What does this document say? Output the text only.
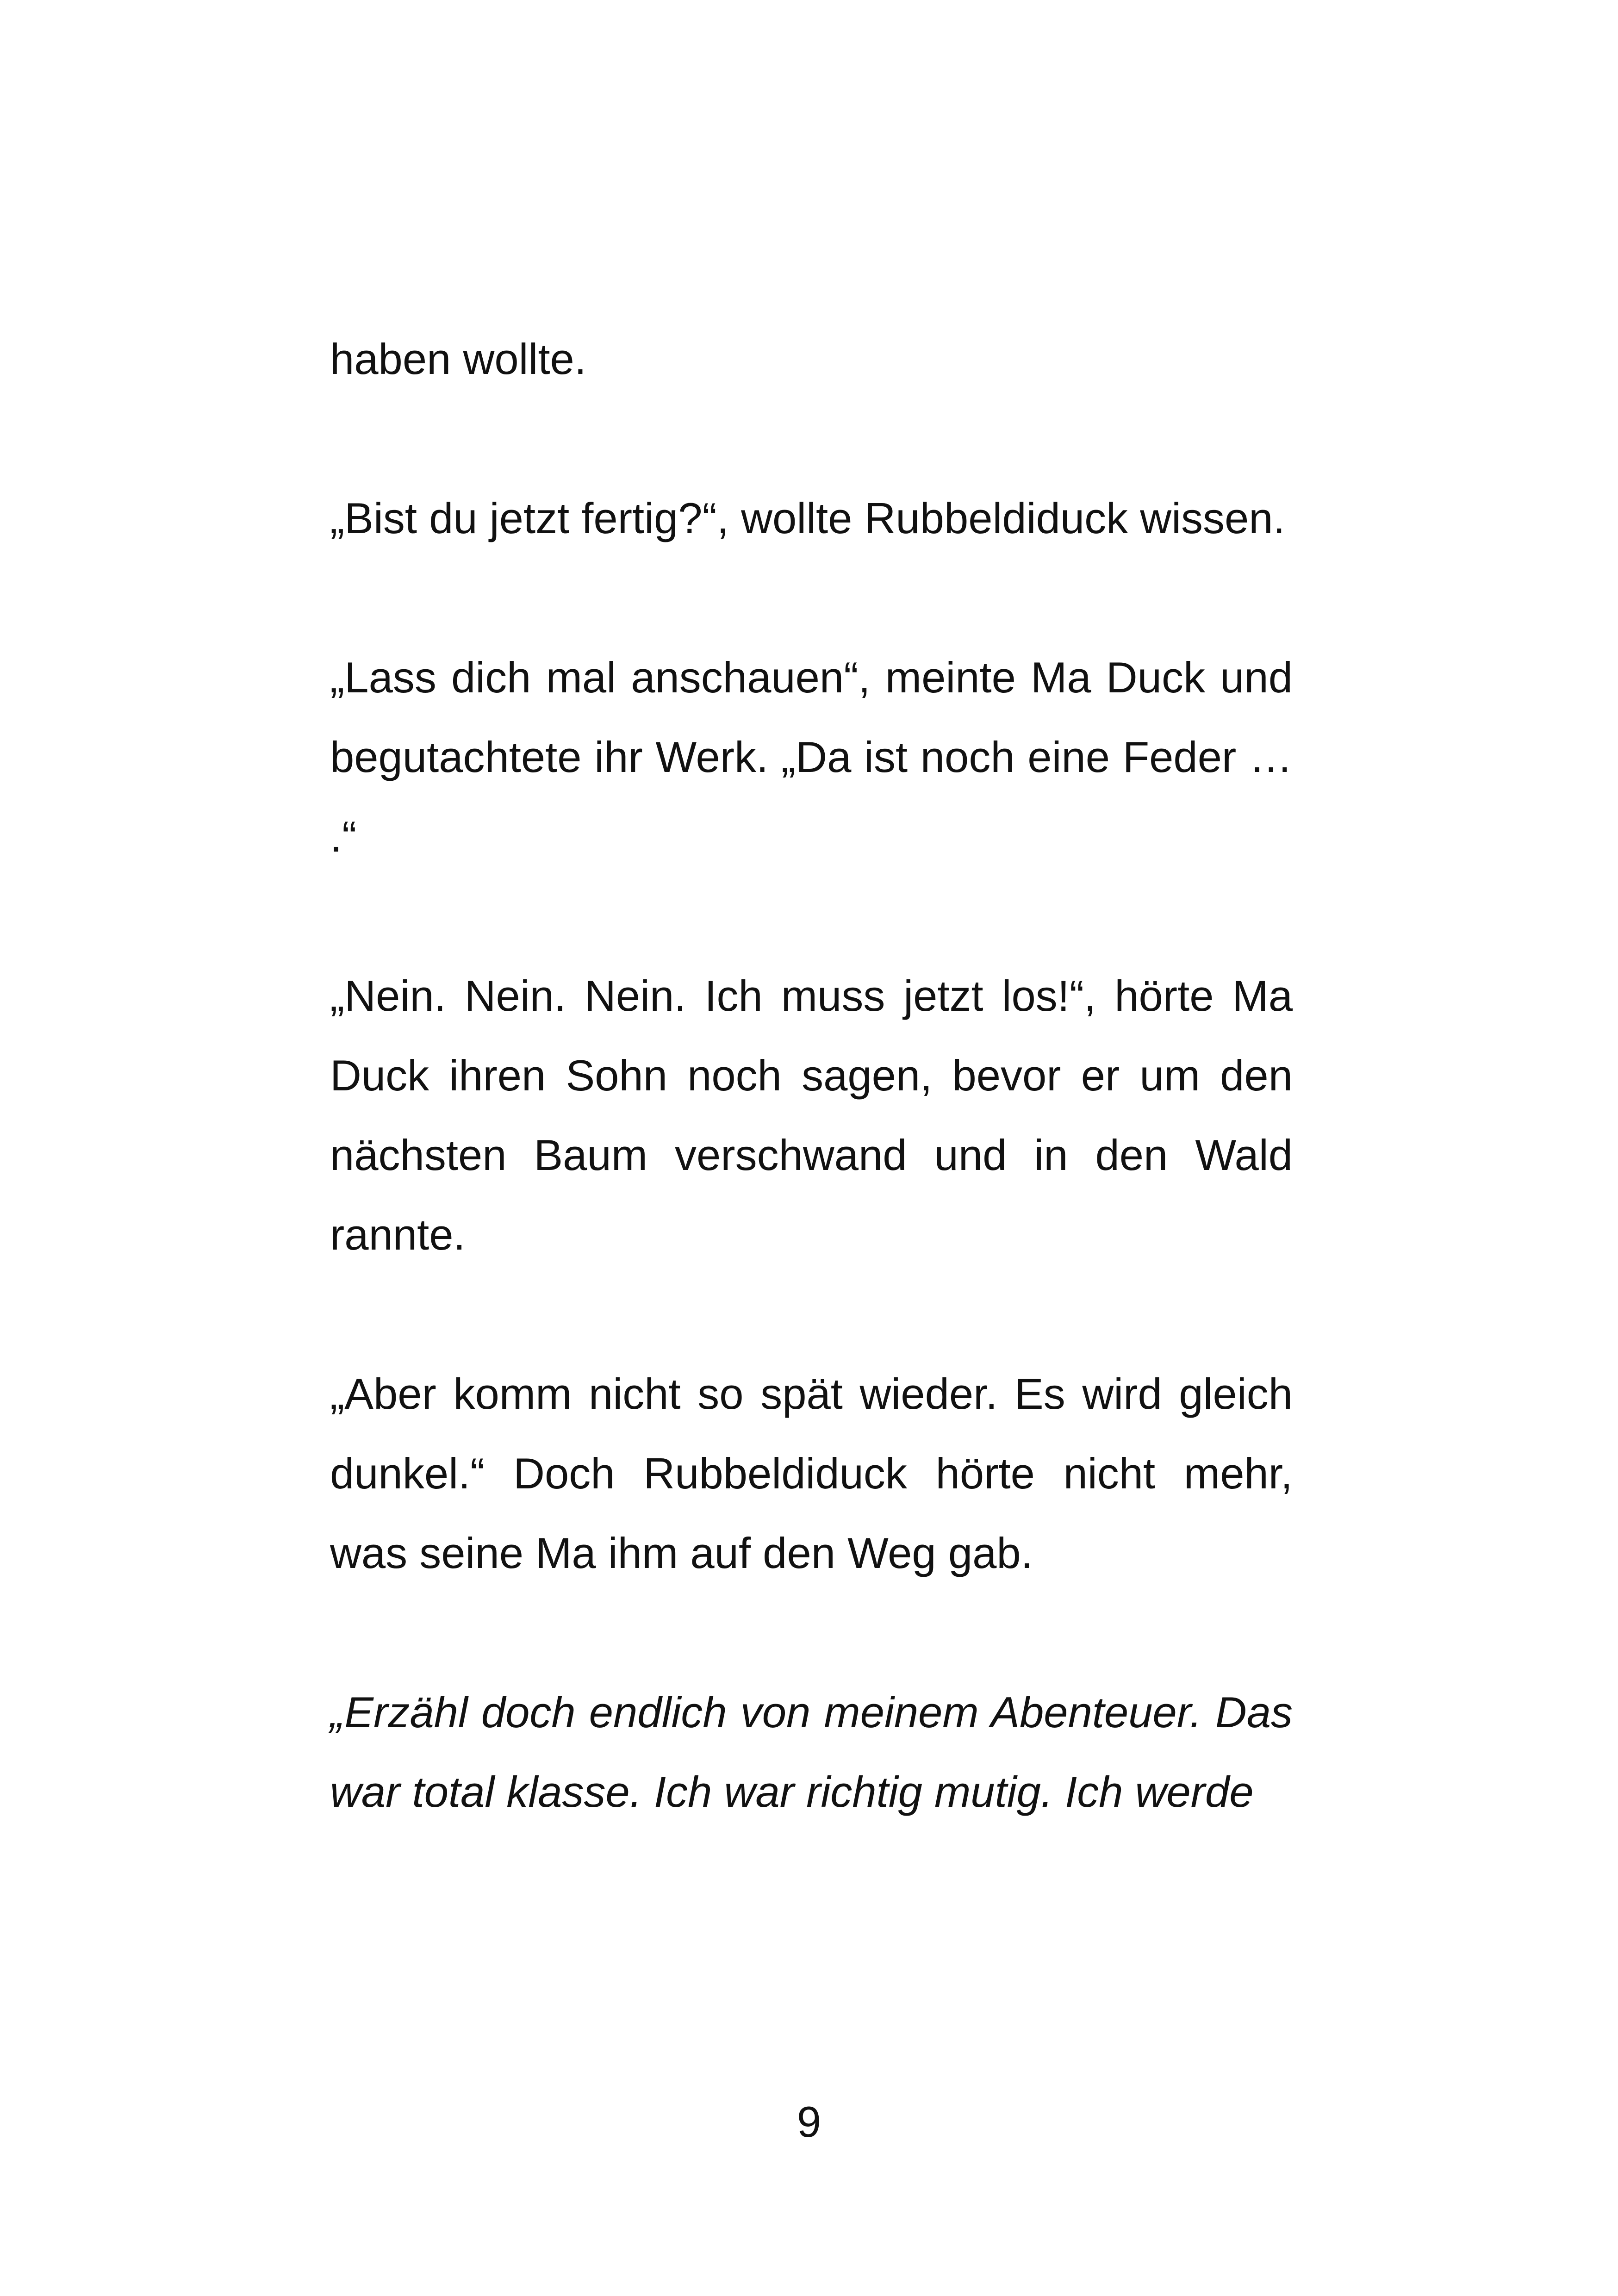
haben wollte.

„Bist du jetzt fertig?“, wollte Rubbeldiduck wissen.

„Lass dich mal anschauen“, meinte Ma Duck und begutachtete ihr Werk. „Da ist noch eine Feder … .“

„Nein. Nein. Nein. Ich muss jetzt los!“, hörte Ma Duck ihren Sohn noch sagen, bevor er um den nächsten Baum verschwand und in den Wald rannte.

„Aber komm nicht so spät wieder. Es wird gleich dunkel.“ Doch Rubbeldiduck hörte nicht mehr, was seine Ma ihm auf den Weg gab.

„Erzähl doch endlich von meinem Abenteuer. Das war total klasse. Ich war richtig mutig. Ich werde

9
